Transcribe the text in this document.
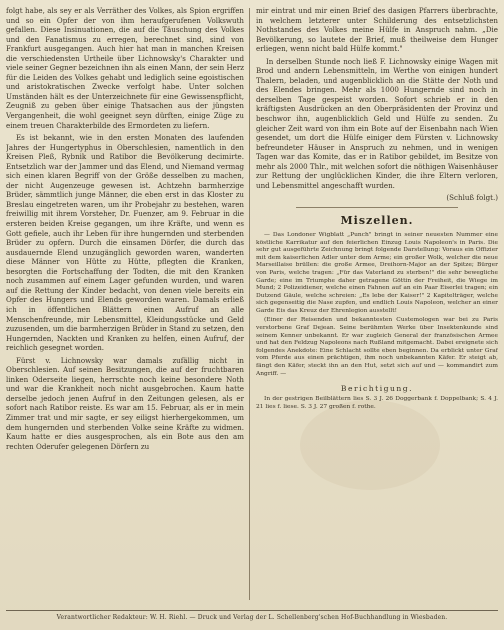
folgt habe, als sey er als Verräther des Volkes, als Spion ergriffen und so ein Opfer der von ihm heraufgerufenen Volkswuth gefallen. Diese Insinuationen, die auf die Täuschung des Volkes und den Fanatismus zu erregen, berechnet sind, sind von Frankfurt ausgegangen. Auch hier hat man in manchen Kreisen die verschiedensten Urtheile über Lichnowsky's Charakter und viele seiner Gegner bezeichnen ihn als einen Mann, der sein Herz für die Leiden des Volkes gehabt und lediglich seine egoistischen und aristokratischen Zwecke verfolgt habe. Unter solchen Umständen hält es der Unterzeichnete für eine Gewissenspflicht, Zeugniß zu geben über einige Thatsachen aus der jüngsten Vergangenheit, die wohl geeignet seyn dürften, einige Züge zu einem treuen Charakterbilde des Ermordeten zu liefern.

Es ist bekannt, wie in den ersten Monaten des laufenden Jahres der Hungertyphus in Oberschlesien, namentlich in den Kreisen Pleß, Rybnik und Ratibor die Bevölkerung decimirte. Entsetzlich war der Jammer und das Elend, und Niemand vermag sich einen klaren Begriff von der Größe desselben zu machen, der nicht Augenzeuge gewesen ist. Achtzehn barmherzige Brüder, sämmtlich junge Männer, die eben erst in das Kloster zu Breslau eingetreten waren, um ihr Probejahr zu bestehen, waren freiwillig mit ihrem Vorsteher, Dr. Fuenzer, am 9. Februar in die ersteren beiden Kreise gegangen, um ihre Kräfte, und wenn es Gott gefiele, auch ihr Leben für ihre hungernden und sterbenden Brüder zu opfern. Durch die einsamen Dörfer, die durch das ausdauernde Elend unzugänglich geworden waren, wanderten diese Männer von Hütte zu Hütte, pflegten die Kranken, besorgten die Fortschaffung der Todten, die mit den Kranken noch zusammen auf einem Lager gefunden wurden, und waren auf die Rettung der Kinder bedacht, von denen viele bereits ein Opfer des Hungers und Elends geworden waren. Damals erließ ich in öffentlichen Blättern einen Aufruf an alle Menschenfreunde, mir Lebensmittel, Kleidungsstücke und Geld zuzusenden, um die barmherzigen Brüder in Stand zu setzen, den Hungernden, Nackten und Kranken zu helfen, einen Aufruf, der reichlich gesegnet worden.

Fürst v. Lichnowsky war damals zufällig nicht in Oberschlesien. Auf seinen Besitzungen, die auf der fruchtbaren linken Oderseite liegen, herrschte noch keine besondere Noth und war die Krankheit noch nicht ausgebrochen. Kaum hatte derselbe jedoch jenen Aufruf in den Zeitungen gelesen, als er sofort nach Ratibor reiste. Es war am 15. Februar, als er in mein Zimmer trat und mir sagte, er sey eiligst hierhergekommen, um dem hungernden und sterbenden Volke seine Kräfte zu widmen. Kaum hatte er dies ausgesprochen, als ein Bote aus den am rechten Oderufer gelegenen Dörfern zu

mir eintrat und mir einen Brief des dasigen Pfarrers überbrachte, in welchem letzterer unter Schilderung des entsetzlichsten Nothstandes des Volkes meine Hülfe in Anspruch nahm. „Die Bevölkerung, so lautete der Brief, muß theilweise dem Hunger erliegen, wenn nicht bald Hülfe kommt."

In derselben Stunde noch ließ F. Lichnowsky einige Wagen mit Brod und andern Lebensmitteln, im Werthe von einigen hundert Thalern, beladen, und augenblicklich an die Stätte der Noth und des Elendes bringen. Mehr als 1000 Hungernde sind noch in derselben Tage gespeist worden. Sofort schrieb er in den kräftigsten Ausdrücken an den Oberpräsidenten der Provinz und beschwor ihn, augenblicklich Geld und Hülfe zu senden. Zu gleicher Zeit ward von ihm ein Bote auf der Eisenbahn nach Wien gesendet, um dort die Hülfe einiger dem Fürsten v. Lichnowsky befreundeter Häuser in Anspruch zu nehmen, und in wenigen Tagen war das Komite, das er in Ratibor gebildet, im Besitze von mehr als 2000 Thlr., mit welchen sofort die nöthigen Waisenhäuser zur Rettung der unglücklichen Kinder, die ihre Eltern verloren, und Lebensmittel angeschafft wurden.

(Schluß folgt.)

Miszellen.

— Das Londoner Wigblatt „Punch" bringt in seiner neuesten Nummer eine köstliche Karrikatur auf den feierlichen Einzug Louis Napoleon's in Paris. Die sehr gut ausgeführte Zeichnung bringt folgende Darstellung: Voraus ein Offizier mit dem kaiserlichen Adler unter dem Arme; ein großer Wolk, welcher die neue Marseillaise brüllen: die große Armee, Dreihorn-Major an der Spitze; Bürger von Paris, welche tragen: „Für das Vaterland zu sterben!" die sehr bewegliche Garde; eine im Triumphe daher getragene Göttin der Freiheit, die Wiege im Mund; 2 Polizeidiener, welche einen Fahnen auf an ein Paar Eiserlei tragen; ein Dutzend Gäule, welche schreien: „Es lebe der Kaiser!" 2 Kapitelträger, welche sich gegenseitig die Nase zupfen, und endlich Louis Napoleon, welcher an einer Garde Eis das Kreuz der Ehrenlegion ausstellt!

(Einer der Reisenden und bekanntesten Custemologen war bei zu Paris verstorbene Graf Dejean. Seine berühmten Werke über Insektenkunde sind seinem Kenner unbekannt. Er war zugleich General der französischen Armee und hat den Feldzug Napoleons nach Rußland mitgemacht. Dabei ereignete sich folgendes Anekdote: Eine Schlacht sollte eben beginnen. Da erblickt unter Graf vom Pferde aus einen prächtigen, ihm noch unbekannten Käfer. Er steigt ab, fängt den Käfer, steckt ihn an den Hut, setzt sich auf und — kommandirt zum Angriff. —

Berichtigung.

In der gestrigen Beilblättern lies S. 3 J. 26 Doggerbank f. Doppelbank; S. 4 J. 21 lies f. liese. S. 3 J. 27 großen f. rothe.

Verantwortlicher Redakteur: W. H. Riehl. — Druck und Verlag der L. Schellenberg'schen Hof-Buchhandlung in Wiesbaden.
